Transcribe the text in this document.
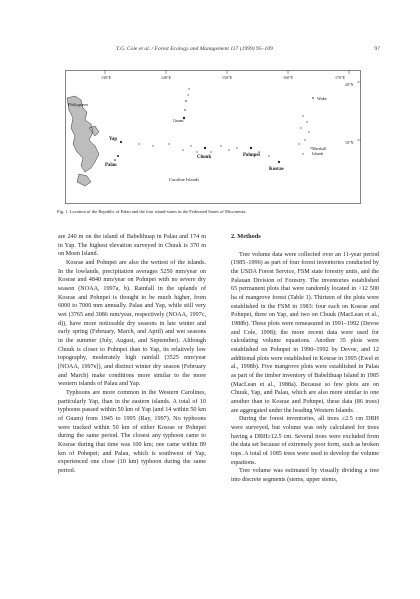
T.G. Cole et al. / Forest Ecology and Management 117 (1999) 95–109	97
130°E	140°E	150°E	160°E	170°E
20°N
10°N
Philippines
Guam
Wake
Yap
Palau
Chuuk	Pohnpei
Kosrae
Marshall
Islands
Caroline Islands
Fig. 1. Location of the Republic of Palau and the four island-states in the Federated States of Micronesia.

are 240 m on the island of Babelthuap in Palau and 174 m in Yap. The highest elevation surveyed in Chuuk is 370 m on Moen Island.

Kosrae and Pohnpei are also the wettest of the islands. In the lowlands, precipitation averages 5250 mm/year on Kosrae and 4840 mm/year on Pohnpei with no severe dry season (NOAA, 1997a, b). Rainfall in the uplands of Kosrae and Pohnpei is thought to be much higher, from 6000 to 7000 mm annually. Palau and Yap, while still very wet (3765 and 3086 mm/year, respectively (NOAA, 1997c, d)), have more noticeable dry seasons in late winter and early spring (February, March, and April) and wet seasons in the summer (July, August, and September). Although Chuuk is closer to Pohnpei than to Yap, its relatively low topography, moderately high rainfall (3525 mm/year [NOAA, 1997e]), and distinct winter dry season (February and March) make conditions more similar to the more western islands of Palau and Yap.

Typhoons are more common in the Western Carolines, particularly Yap, than in the eastern islands. A total of 10 typhoons passed within 50 km of Yap (and 14 within 50 km of Guam) from 1945 to 1995 (Ray, 1997). No typhoons were tracked within 50 km of either Kosrae or Pohnpei during the same period. The closest any typhoon came to Kosrae during that time was 100 km; one came within 89 km of Pohnpei; and Palau, which is southwest of Yap, experienced one close (10 km) typhoon during the same period.

2. Methods

Tree volume data were collected over an 11-year period (1985–1996) as part of four forest inventories conducted by the USDA Forest Service, FSM state forestry units, and the Palauan Division of Forestry. The inventories established 65 permanent plots that were randomly located in >12 500 ha of mangrove forest (Table 1). Thirteen of the plots were established in the FSM in 1983: four each on Kosrae and Pohnpei, three on Yap, and two on Chuuk (MacLean et al., 1988b). These plots were remeasured in 1991–1992 (Devoe and Cole, 1998); the more recent data were used for calculating volume equations. Another 35 plots were established on Pohnpei in 1990–1992 by Devoe, and 12 additional plots were established in Kosrae in 1995 (Ewel et al., 1998b). Five mangrove plots were established in Palau as part of the timber inventory of Babelthuap Island in 1985 (MacLean et al., 1988a). Because so few plots are on Chuuk, Yap, and Palau, which are also more similar to one another than to Kosrae and Pohnpei, these data (86 trees) are aggregated under the heading Western Islands.

During the forest inventories, all trees ≥2.5 cm DBH were surveyed, but volume was only calculated for trees having a DBH≥12.5 cm. Several trees were excluded from the data set because of extremely poor form, such as broken tops. A total of 1085 trees were used to develop the volume equations.

Tree volume was estimated by visually dividing a tree into discrete segments (stems, upper stems,
